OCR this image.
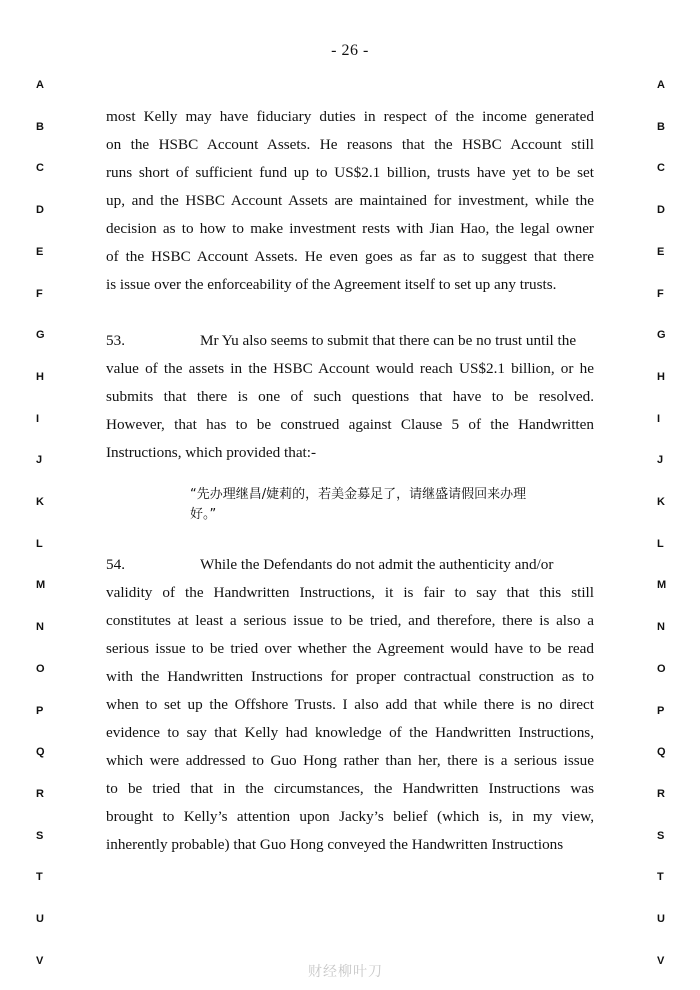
- 26 -
A
B
C
D
E
F
G
H
I
J
K
L
M
N
O
P
Q
R
S
T
U
V
A
B
C
D
E
F
G
H
I
J
K
L
M
N
O
P
Q
R
S
T
U
V
most Kelly may have fiduciary duties in respect of the income generated
on the HSBC Account Assets. He reasons that the HSBC Account still
runs short of sufficient fund up to US$2.1 billion, trusts have yet to be set
up, and the HSBC Account Assets are maintained for investment, while the
decision as to how to make investment rests with Jian Hao, the legal owner
of the HSBC Account Assets. He even goes as far as to suggest that there
is issue over the enforceability of the Agreement itself to set up any trusts.
53.	Mr Yu also seems to submit that there can be no trust until the
value of the assets in the HSBC Account would reach US$2.1 billion, or he
submits that there is one of such questions that have to be resolved.
However, that has to be construed against Clause 5 of the Handwritten
Instructions, which provided that:-
“先办理继昌/婕莉的，若美金募足了，请继盛请假回来办理
好。”
54.	While the Defendants do not admit the authenticity and/or
validity of the Handwritten Instructions, it is fair to say that this still
constitutes at least a serious issue to be tried, and therefore, there is also a
serious issue to be tried over whether the Agreement would have to be read
with the Handwritten Instructions for proper contractual construction as to
when to set up the Offshore Trusts. I also add that while there is no direct
evidence to say that Kelly had knowledge of the Handwritten Instructions,
which were addressed to Guo Hong rather than her, there is a serious issue
to be tried that in the circumstances, the Handwritten Instructions was
brought to Kelly’s attention upon Jacky’s belief (which is, in my view,
inherently probable) that Guo Hong conveyed the Handwritten Instructions
财经柳叶刀
